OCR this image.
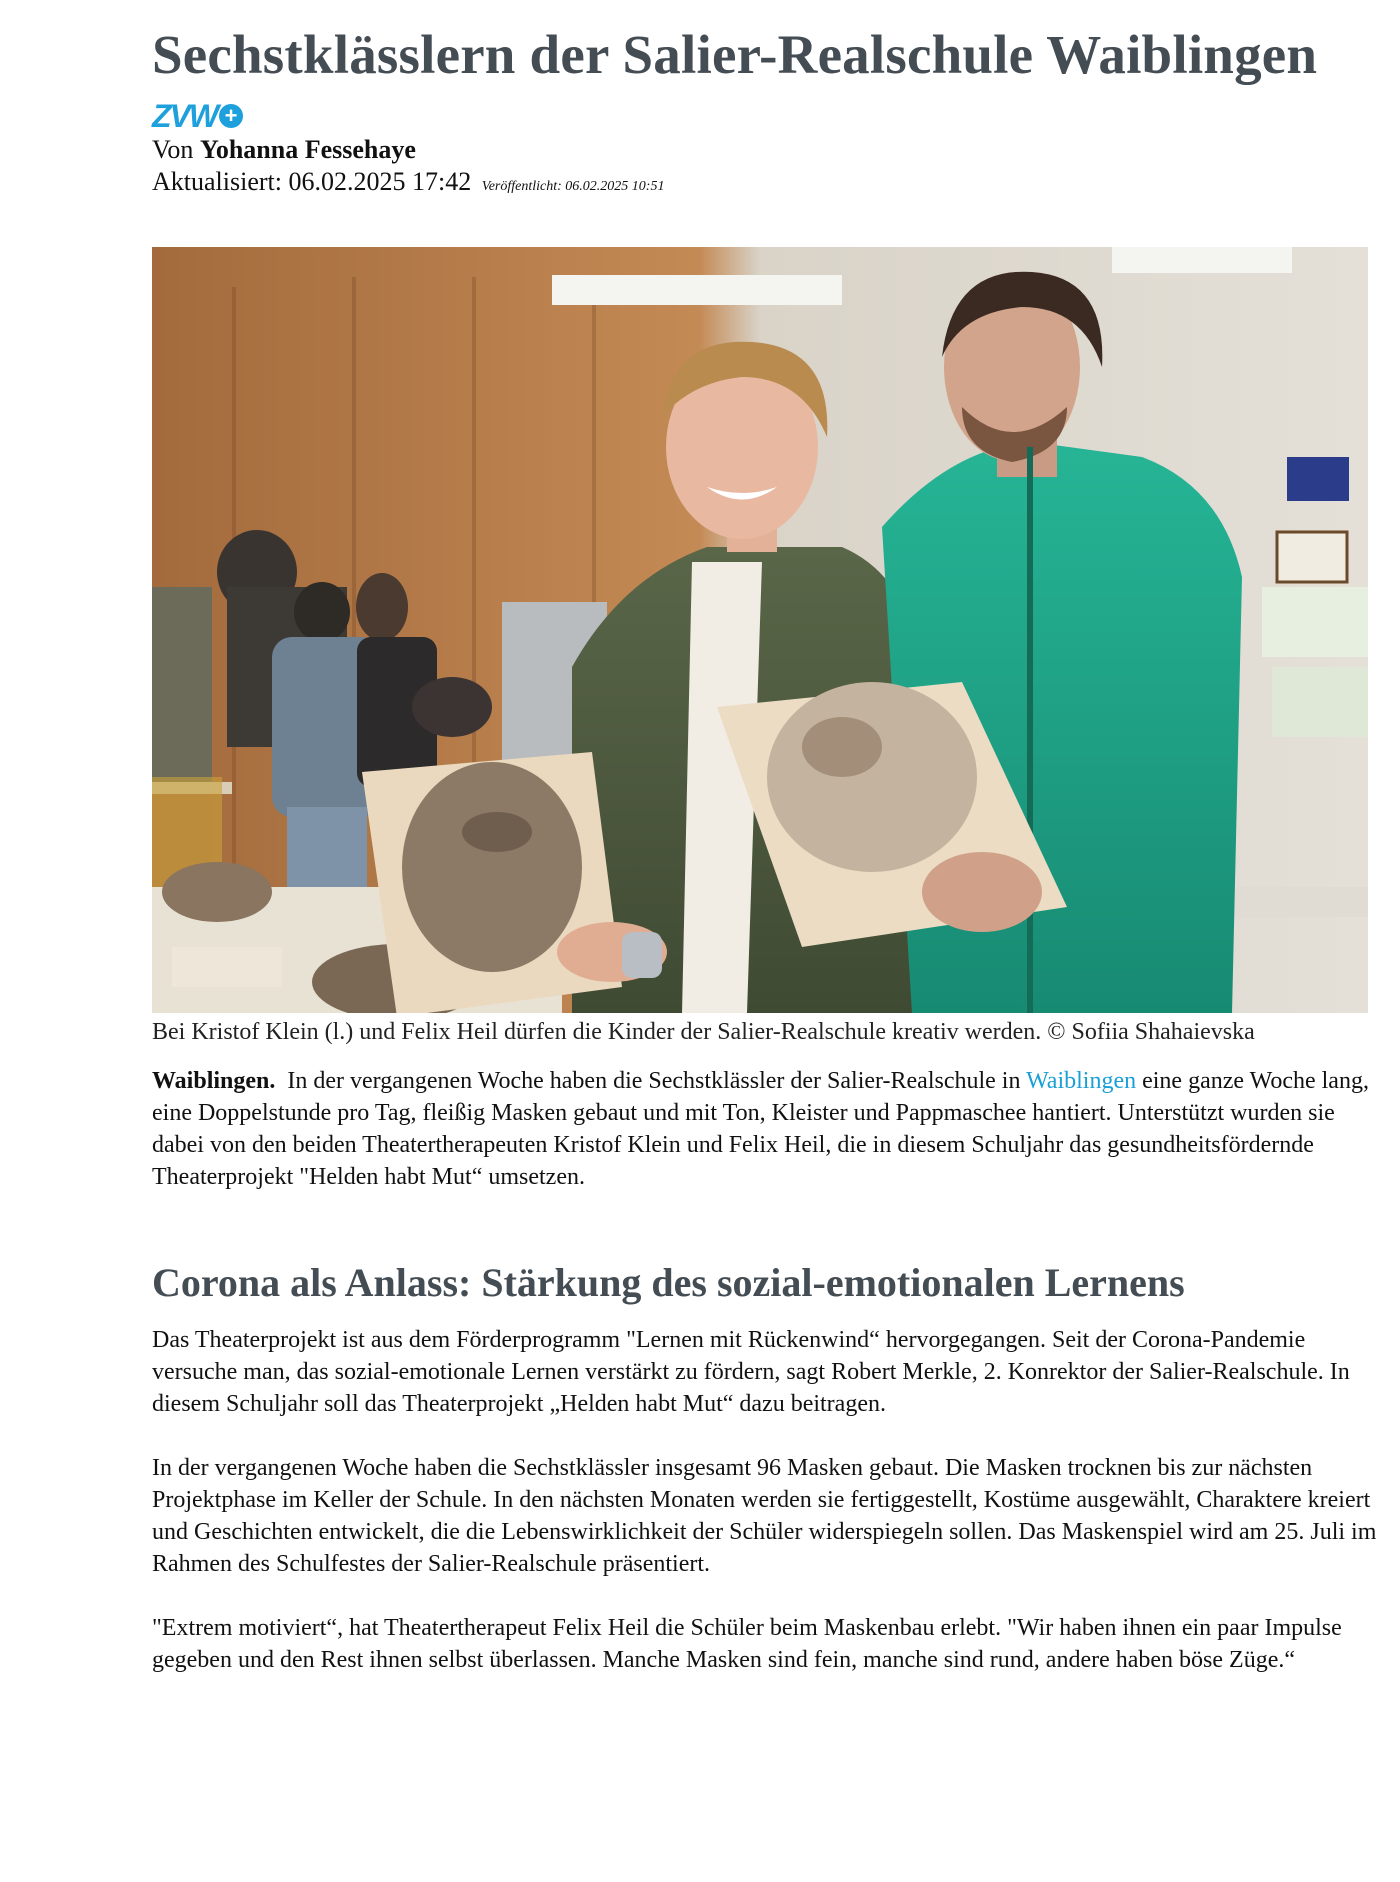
Sechstklässlern der Salier-Realschule Waiblingen
ZVW +
Von Yohanna Fessehaye
Aktualisiert: 06.02.2025 17:42 Veröffentlicht: 06.02.2025 10:51
Bei Kristof Klein (l.) und Felix Heil dürfen die Kinder der Salier-Realschule kreativ werden. © Sofiia Shahaievska

Waiblingen. In der vergangenen Woche haben die Sechstklässler der Salier-Realschule in Waiblingen eine ganze Woche lang, eine Doppelstunde pro Tag, fleißig Masken gebaut und mit Ton, Kleister und Pappmaschee hantiert. Unterstützt wurden sie dabei von den beiden Theatertherapeuten Kristof Klein und Felix Heil, die in diesem Schuljahr das gesundheitsfördernde Theaterprojekt "Helden habt Mut“ umsetzen.

Corona als Anlass: Stärkung des sozial-emotionalen Lernens

Das Theaterprojekt ist aus dem Förderprogramm "Lernen mit Rückenwind“ hervorgegangen. Seit der Corona-Pandemie versuche man, das sozial-emotionale Lernen verstärkt zu fördern, sagt Robert Merkle, 2. Konrektor der Salier-Realschule. In diesem Schuljahr soll das Theaterprojekt „Helden habt Mut“ dazu beitragen.

In der vergangenen Woche haben die Sechstklässler insgesamt 96 Masken gebaut. Die Masken trocknen bis zur nächsten Projektphase im Keller der Schule. In den nächsten Monaten werden sie fertiggestellt, Kostüme ausgewählt, Charaktere kreiert und Geschichten entwickelt, die die Lebenswirklichkeit der Schüler widerspiegeln sollen. Das Maskenspiel wird am 25. Juli im Rahmen des Schulfestes der Salier-Realschule präsentiert.

"Extrem motiviert“, hat Theatertherapeut Felix Heil die Schüler beim Maskenbau erlebt. "Wir haben ihnen ein paar Impulse gegeben und den Rest ihnen selbst überlassen. Manche Masken sind fein, manche sind rund, andere haben böse Züge.“
